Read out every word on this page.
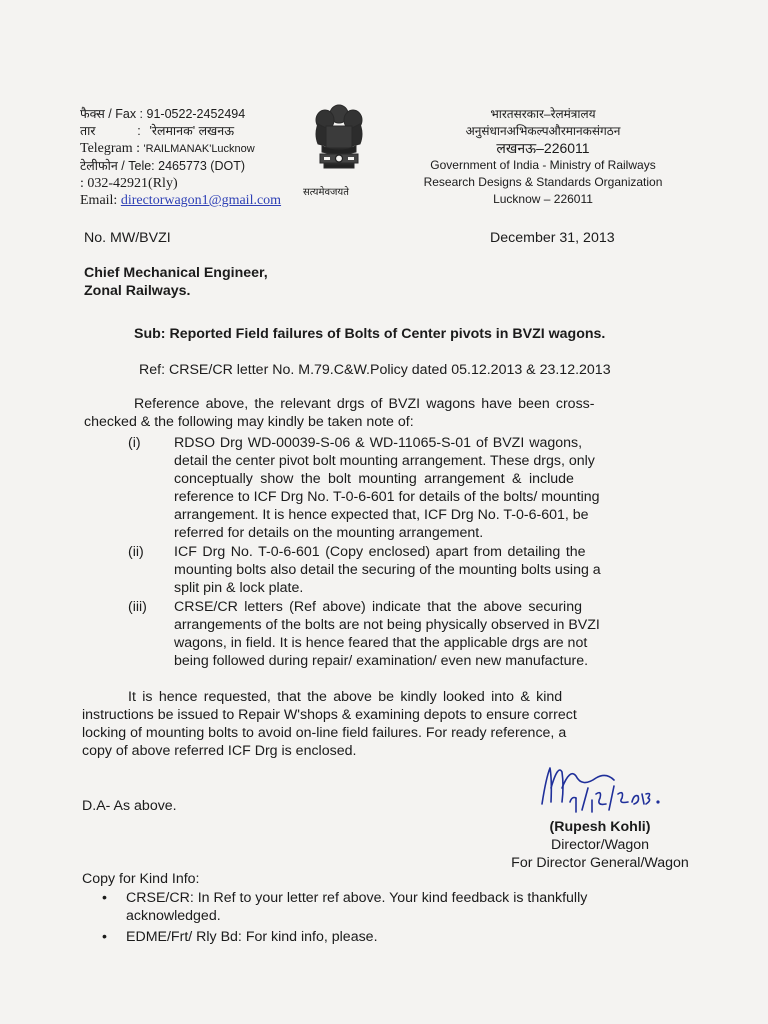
फैक्स / Fax : 91-0522-2452494
तार	: 'रेलमानक' लखनऊ
Telegram : 'RAILMANAK'Lucknow
टेलीफोन / Tele: 2465773 (DOT)
: 032-42921(Rly)
Email: directorwagon1@gmail.com
सत्यमेवजयते
भारतसरकार–रेलमंत्रालय
अनुसंधानअभिकल्पऔरमानकसंगठन
लखनऊ–226011
Government of India - Ministry of Railways
Research Designs & Standards Organization
Lucknow – 226011
No. MW/BVZI	December 31, 2013
Chief Mechanical Engineer,
Zonal Railways.
Sub: Reported Field failures of Bolts of Center pivots in BVZI wagons.
Ref: CRSE/CR letter No. M.79.C&W.Policy dated 05.12.2013 & 23.12.2013
Reference above, the relevant drgs of BVZI wagons have been cross-
checked & the following may kindly be taken note of:
(i)	RDSO Drg WD-00039-S-06 & WD-11065-S-01 of BVZI wagons,
detail the center pivot bolt mounting arrangement. These drgs, only
conceptually show the bolt mounting arrangement & include
reference to ICF Drg No. T-0-6-601 for details of the bolts/ mounting
arrangement. It is hence expected that, ICF Drg No. T-0-6-601, be
referred for details on the mounting arrangement.
(ii)	ICF Drg No. T-0-6-601 (Copy enclosed) apart from detailing the
mounting bolts also detail the securing of the mounting bolts using a
split pin & lock plate.
(iii)	CRSE/CR letters (Ref above) indicate that the above securing
arrangements of the bolts are not being physically observed in BVZI
wagons, in field. It is hence feared that the applicable drgs are not
being followed during repair/ examination/ even new manufacture.
It is hence requested, that the above be kindly looked into & kind
instructions be issued to Repair W'shops & examining depots to ensure correct
locking of mounting bolts to avoid on-line field failures. For ready reference, a
copy of above referred ICF Drg is enclosed.
D.A- As above.
(Rupesh Kohli)
Director/Wagon
For Director General/Wagon
Copy for Kind Info:
• CRSE/CR: In Ref to your letter ref above. Your kind feedback is thankfully
acknowledged.
• EDME/Frt/ Rly Bd: For kind info, please.
